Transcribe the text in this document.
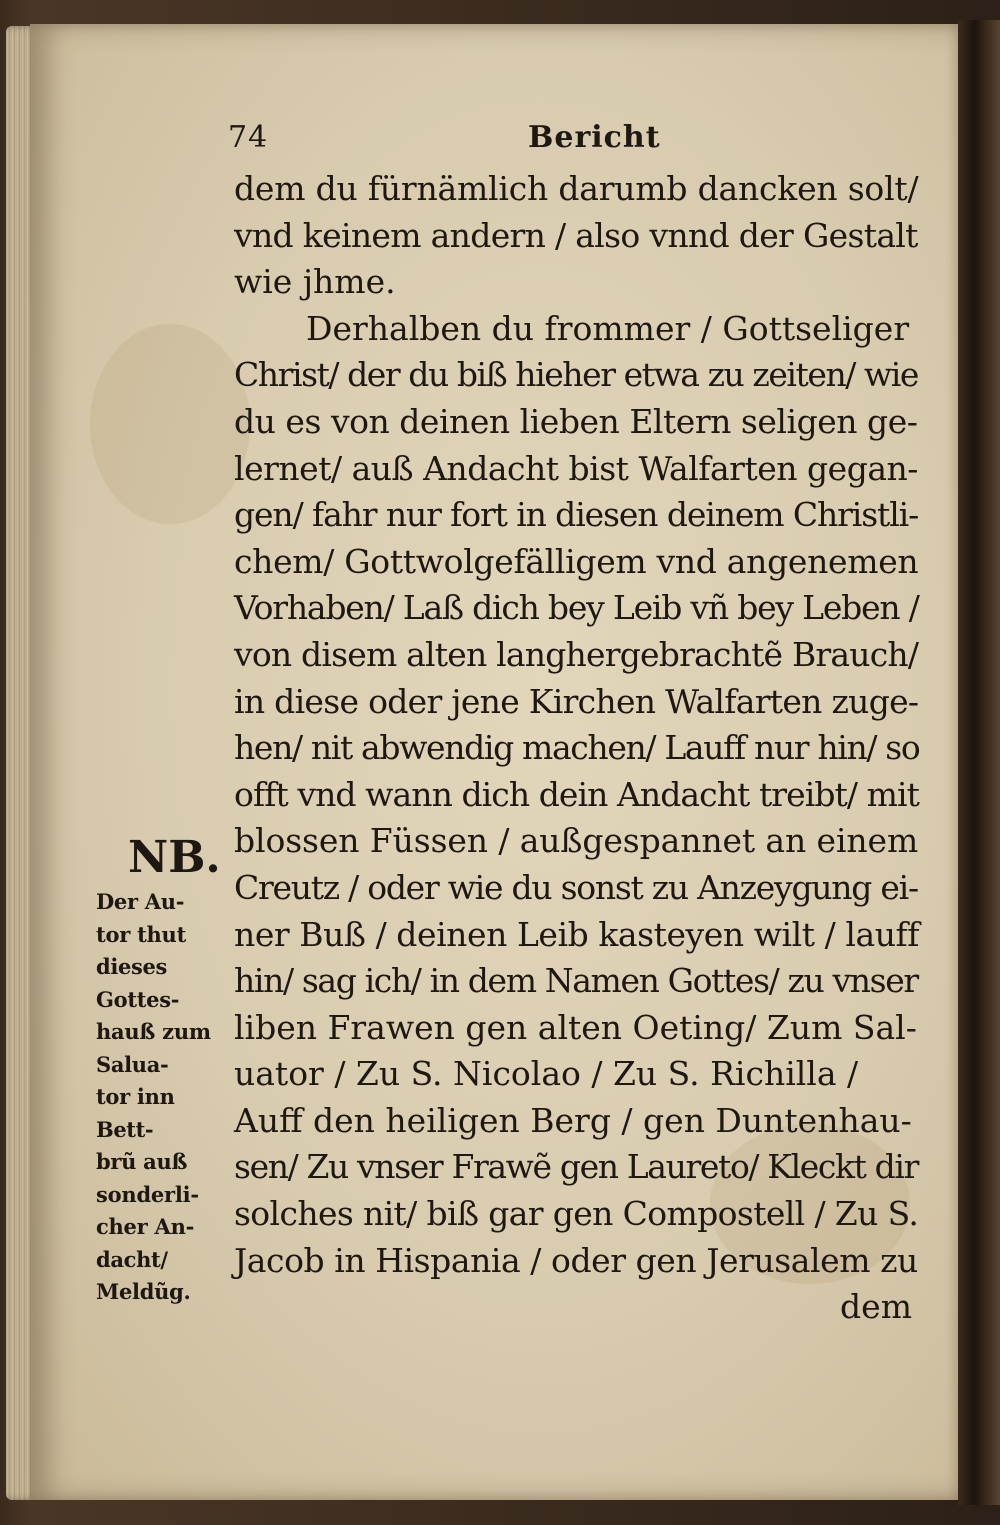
74	Bericht
dem du fürnämlich darumb dancken solt/
vnd keinem andern / also vnnd der Gestalt
wie jhme.
Derhalben du frommer / Gottseliger
Christ/ der du biß hieher etwa zu zeiten/ wie
du es von deinen lieben Eltern seligen ge-
lernet/ auß Andacht bist Walfarten gegan-
gen/ fahr nur fort in diesen deinem Christli-
chem/ Gottwolgefälligem vnd angenemen
Vorhaben/ Laß dich bey Leib vñ bey Leben /
von disem alten langhergebrachtẽ Brauch/
in diese oder jene Kirchen Walfarten zuge-
hen/ nit abwendig machen/ Lauff nur hin/ so
offt vnd wann dich dein Andacht treibt/ mit
blossen Füssen / außgespannet an einem
Creutz / oder wie du sonst zu Anzeygung ei-
ner Buß / deinen Leib kasteyen wilt / lauff
hin/ sag ich/ in dem Namen Gottes/ zu vnser
liben Frawen gen alten Oeting/ Zum Sal-
uator / Zu S. Nicolao / Zu S. Richilla /
Auff den heiligen Berg / gen Duntenhau-
sen/ Zu vnser Frawẽ gen Laureto/ Kleckt dir
solches nit/ biß gar gen Compostell / Zu S.
Jacob in Hispania / oder gen Jerusalem zu
dem
NB.
Der Au-
tor thut
dieses
Gottes-
hauß zum
Salua-
tor inn
Bett-
brũ auß
sonderli-
cher An-
dacht/
Meldũg.
